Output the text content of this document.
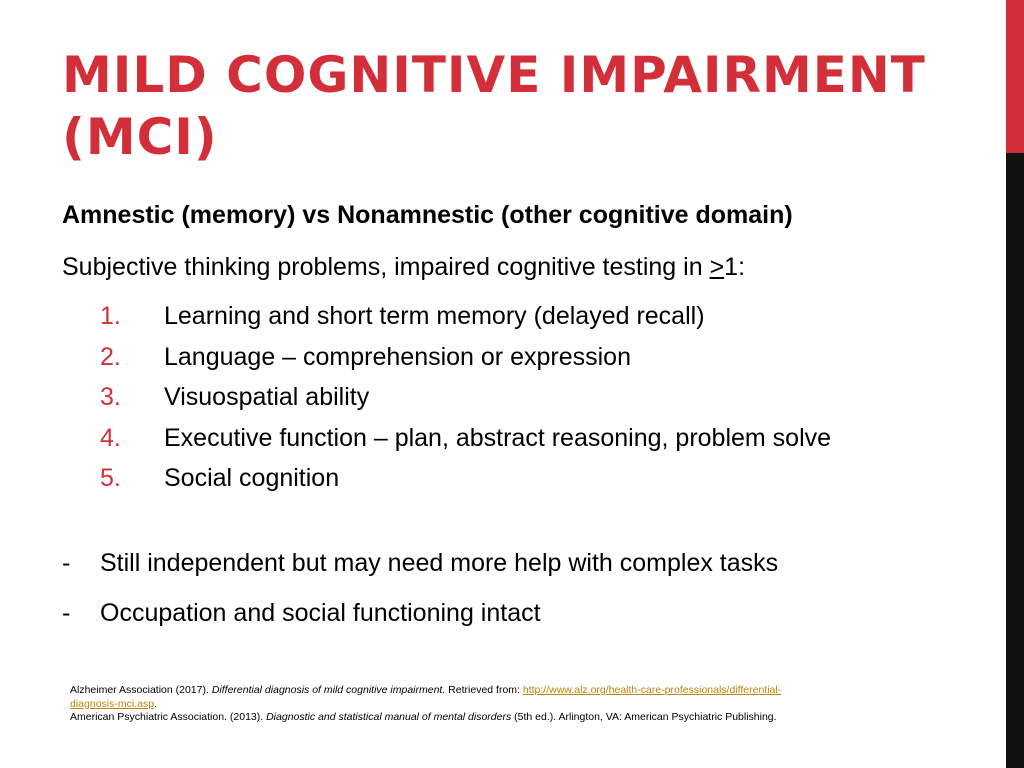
MILD COGNITIVE IMPAIRMENT (MCI)

Amnestic (memory) vs Nonamnestic (other cognitive domain)

Subjective thinking problems, impaired cognitive testing in >1:

1.	Learning and short term memory (delayed recall)
2.	Language – comprehension or expression
3.	Visuospatial ability
4.	Executive function – plan, abstract reasoning, problem solve
5.	Social cognition
-	Still independent but may need more help with complex tasks
-	Occupation and social functioning intact

Alzheimer Association (2017). Differential diagnosis of mild cognitive impairment. Retrieved from: http://www.alz.org/health-care-professionals/differential-diagnosis-mci.asp.

American Psychiatric Association. (2013). Diagnostic and statistical manual of mental disorders (5th ed.). Arlington, VA: American Psychiatric Publishing.
